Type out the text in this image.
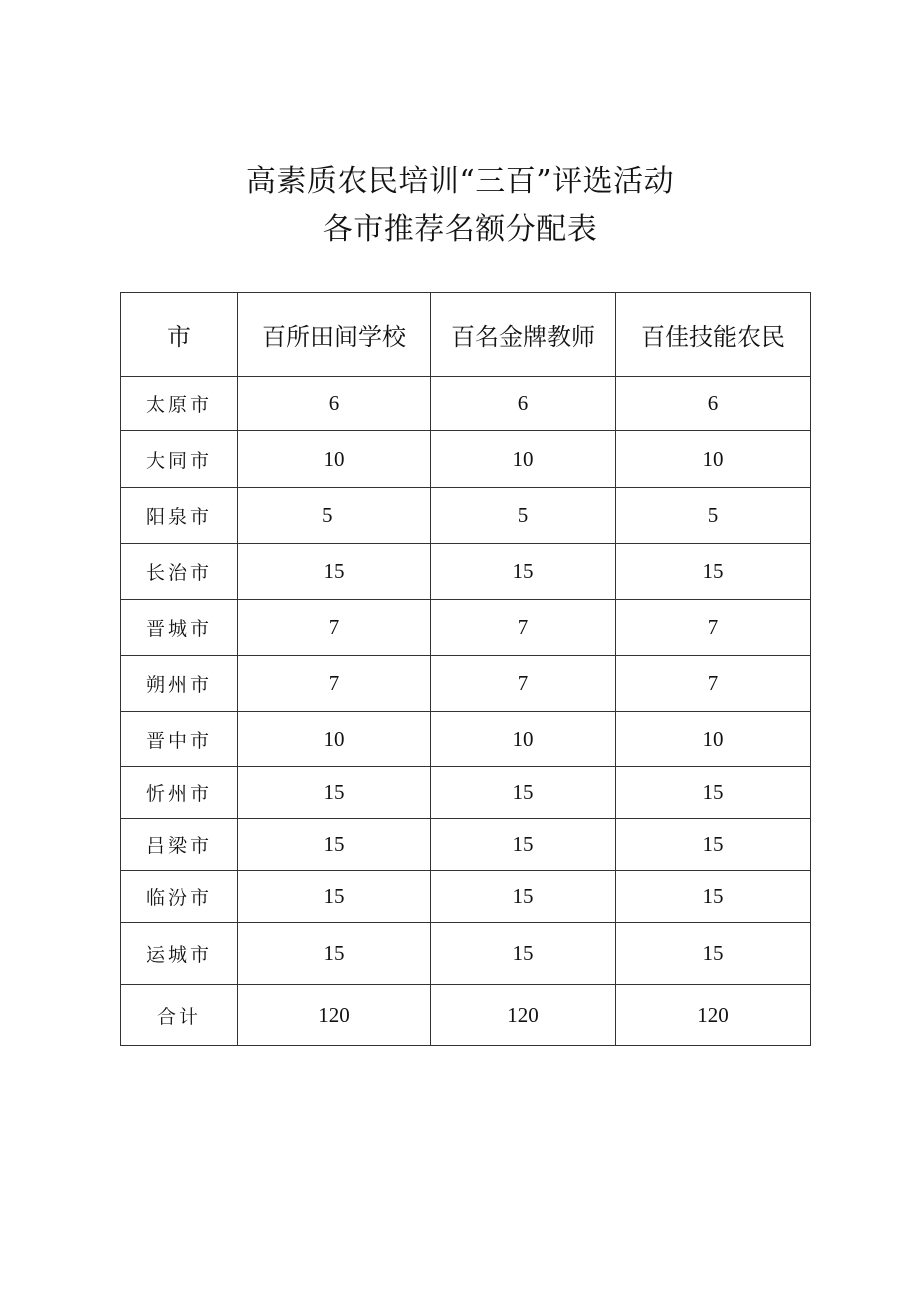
高素质农民培训“三百”评选活动
各市推荐名额分配表
市	百所田间学校	百名金牌教师	百佳技能农民
太原市	6	6	6
大同市	10	10	10
阳泉市	5	5	5
长治市	15	15	15
晋城市	7	7	7
朔州市	7	7	7
晋中市	10	10	10
忻州市	15	15	15
吕梁市	15	15	15
临汾市	15	15	15
运城市	15	15	15
合计	120	120	120
